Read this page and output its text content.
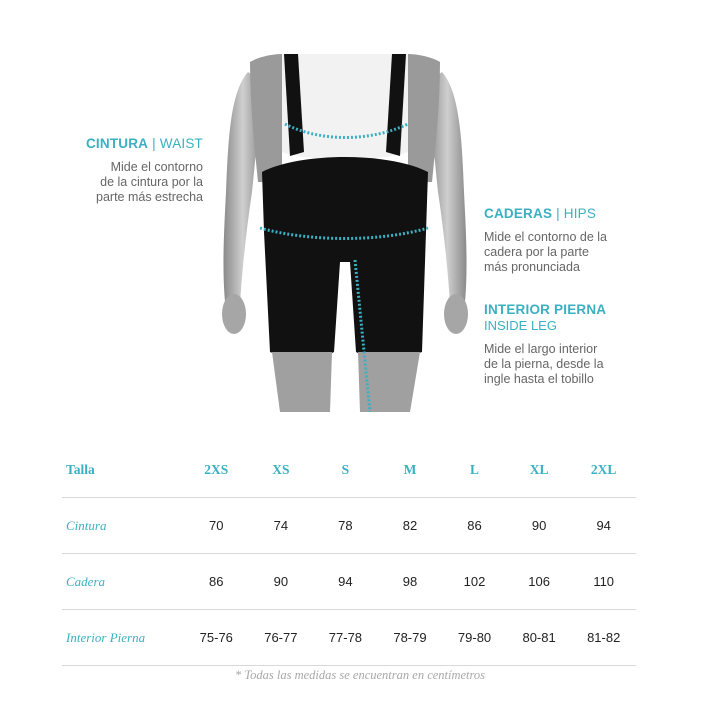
CINTURA | WAIST
Mide el contorno
de la cintura por la
parte más estrecha
CADERAS | HIPS
Mide el contorno de la
cadera por la parte
más pronunciada
INTERIOR PIERNA
INSIDE LEG
Mide el largo interior
de la pierna, desde la
ingle hasta el tobillo
Talla	2XS	XS	S	M	L	XL	2XL
Cintura	70	74	78	82	86	90	94
Cadera	86	90	94	98	102	106	110
Interior Pierna	75-76	76-77	77-78	78-79	79-80	80-81	81-82
* Todas las medidas se encuentran en centímetros
